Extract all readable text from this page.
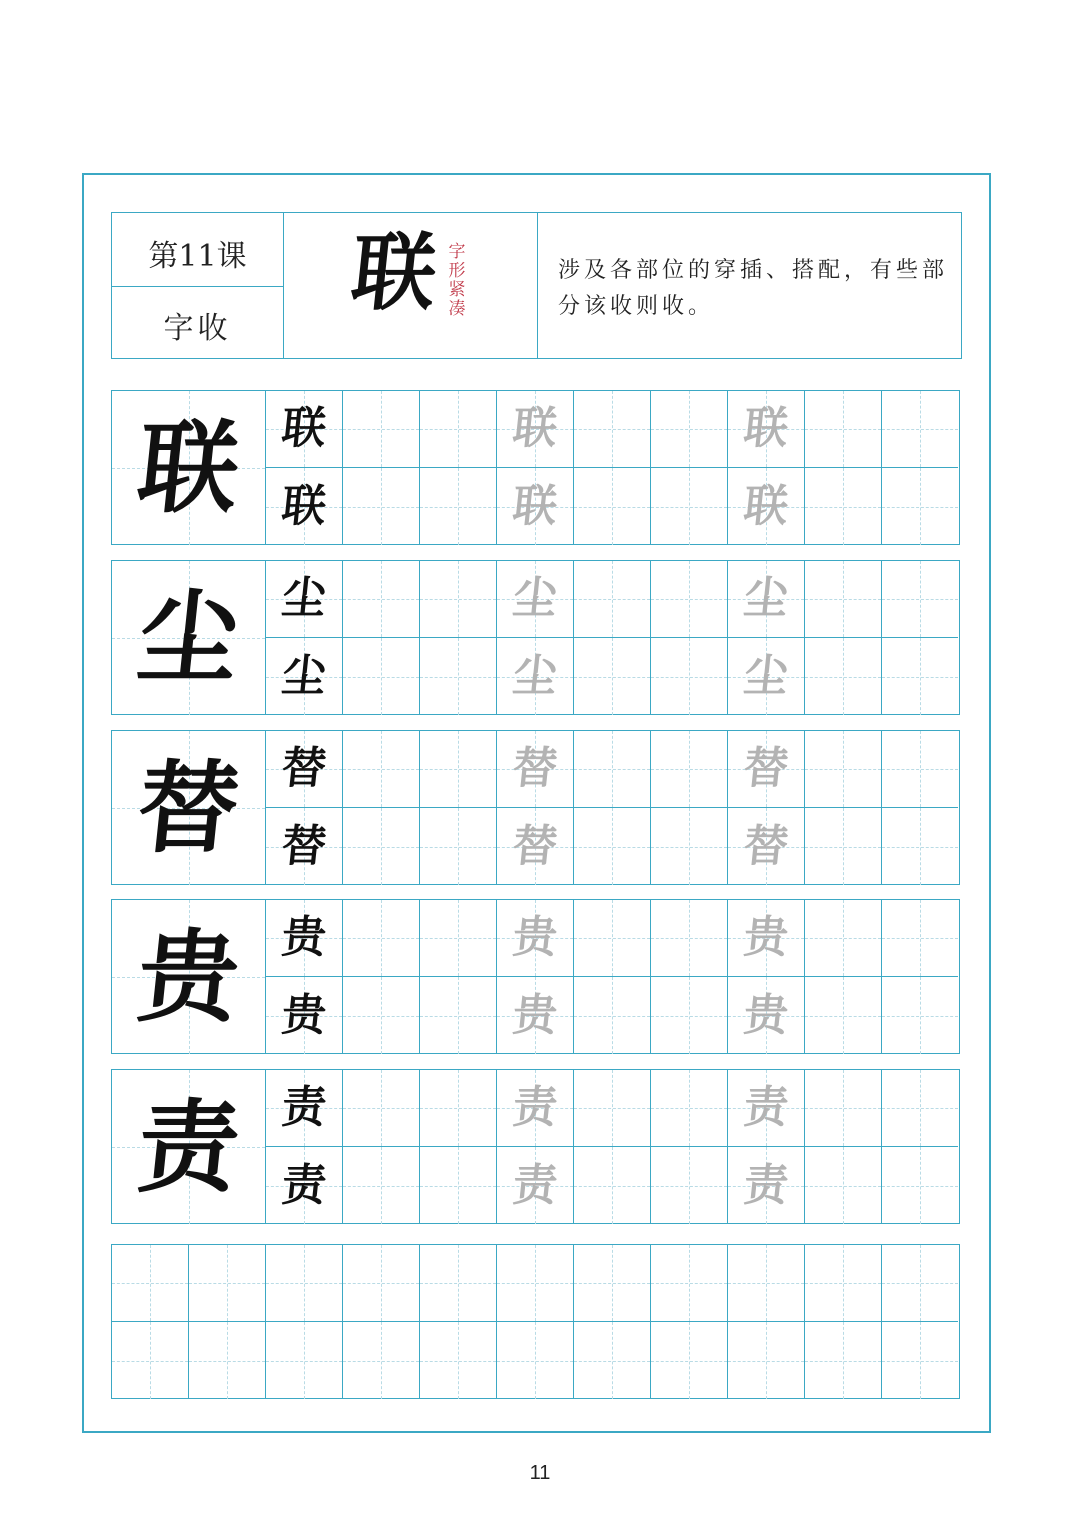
第11课
字收
联 字形紧凑
涉及各部位的穿插、搭配，有些部分该收则收。
联 联	联	联
联	联	联
尘 尘	尘	尘
尘	尘	尘
替 替	替	替
替	替	替
贵 贵	贵	贵
贵	贵	贵
责 责	责	责
责	责	责
11
